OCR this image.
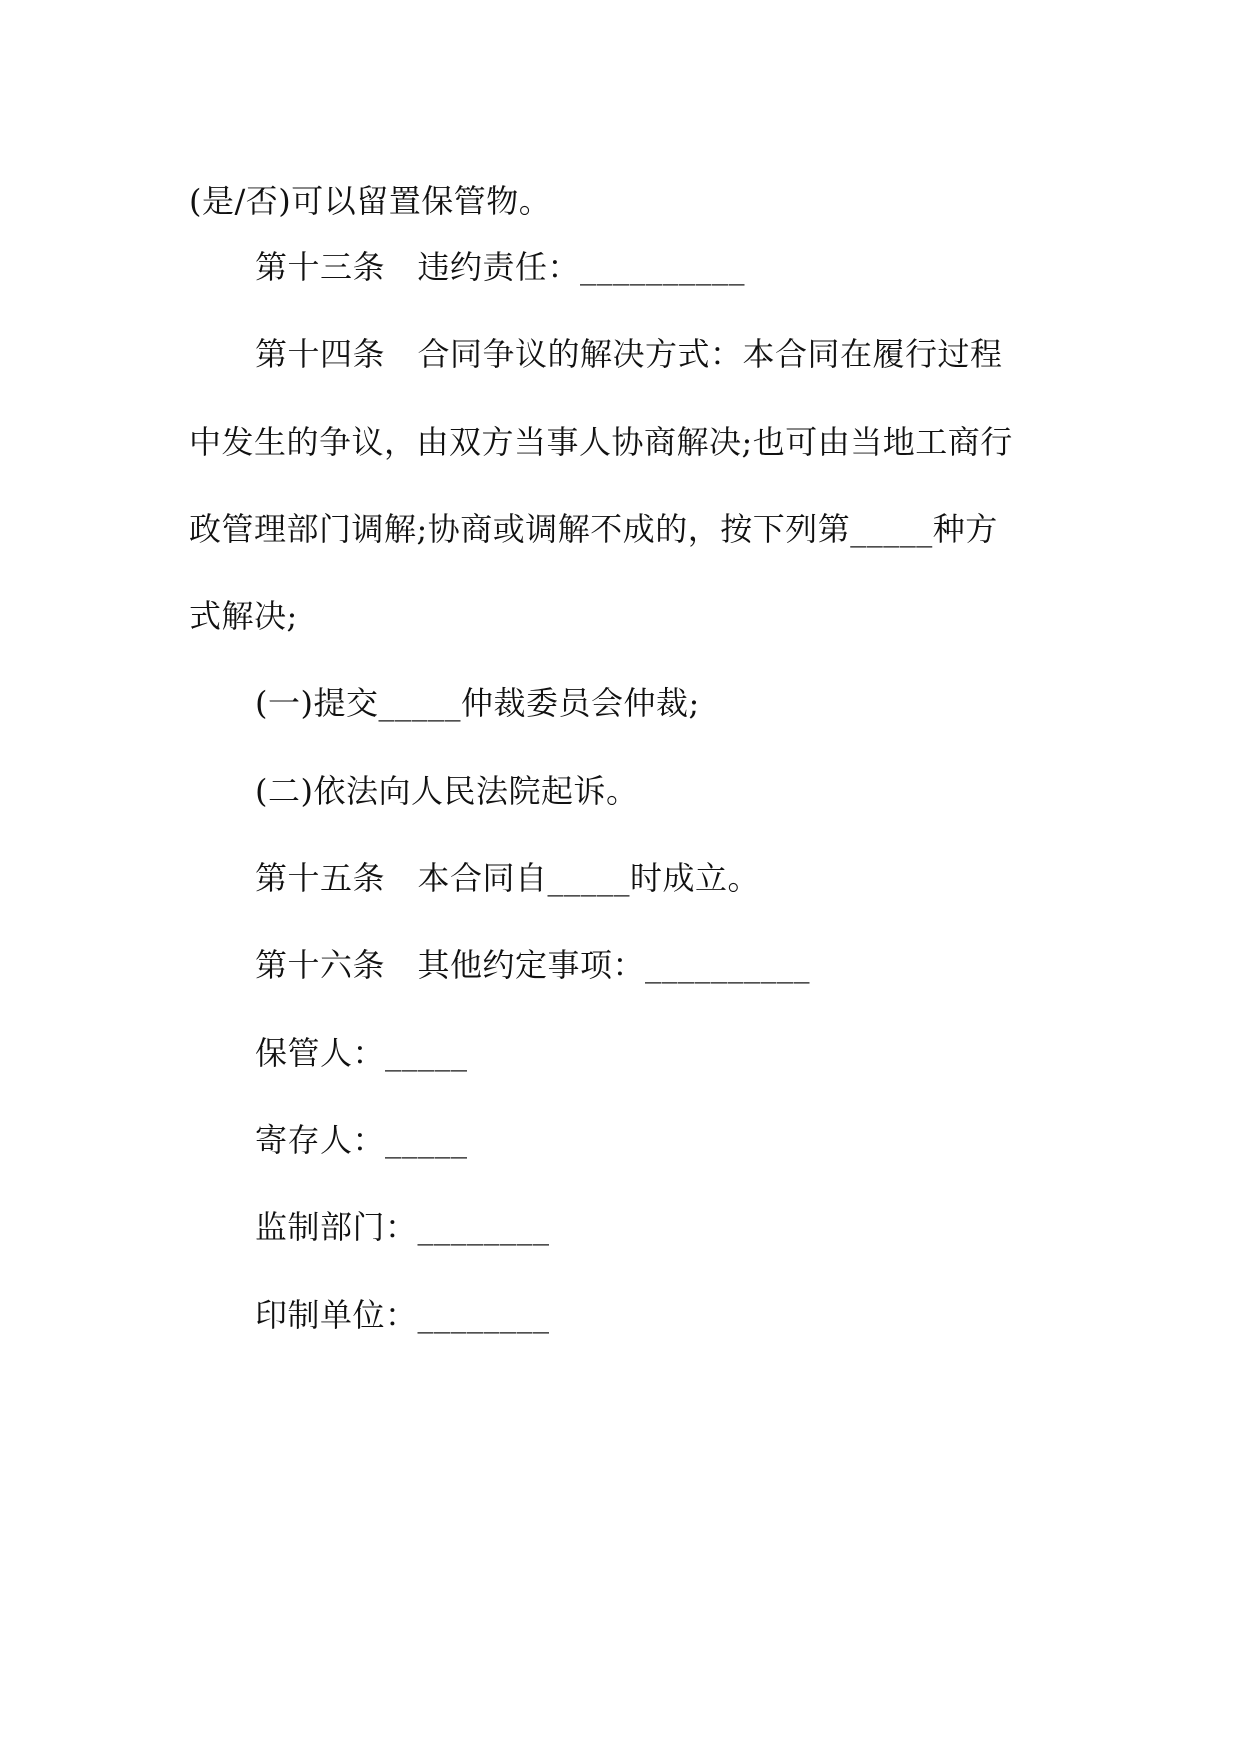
(是/否)可以留置保管物。
第十三条　违约责任：__________
第十四条　合同争议的解决方式：本合同在履行过程
中发生的争议，由双方当事人协商解决;也可由当地工商行
政管理部门调解;协商或调解不成的，按下列第_____种方
式解决;
(一)提交_____仲裁委员会仲裁;
(二)依法向人民法院起诉。
第十五条　本合同自_____时成立。
第十六条　其他约定事项：__________
保管人：_____
寄存人：_____
监制部门：________
印制单位：________
